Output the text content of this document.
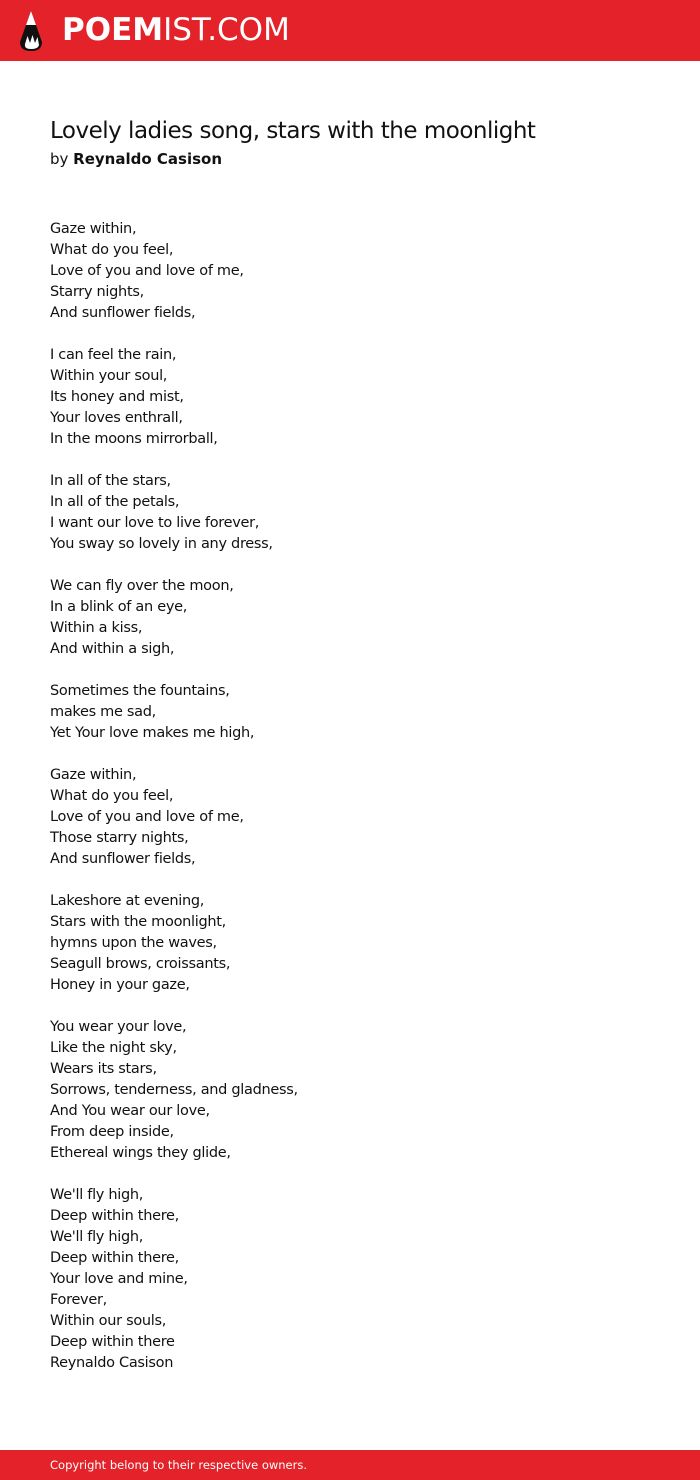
POEMIST.COM
Lovely ladies song, stars with the moonlight
by Reynaldo Casison
Gaze within,
What do you feel,
Love of you and love of me,
Starry nights,
And sunflower fields,
I can feel the rain,
Within your soul,
Its honey and mist,
Your loves enthrall,
In the moons mirrorball,
In all of the stars,
In all of the petals,
I want our love to live forever,
You sway so lovely in any dress,
We can fly over the moon,
In a blink of an eye,
Within a kiss,
And within a sigh,
Sometimes the fountains,
makes me sad,
Yet Your love makes me high,
Gaze within,
What do you feel,
Love of you and love of me,
Those starry nights,
And sunflower fields,
Lakeshore at evening,
Stars with the moonlight,
hymns upon the waves,
Seagull brows, croissants,
Honey in your gaze,
You wear your love,
Like the night sky,
Wears its stars,
Sorrows, tenderness, and gladness,
And You wear our love,
From deep inside,
Ethereal wings they glide,
We'll fly high,
Deep within there,
We'll fly high,
Deep within there,
Your love and mine,
Forever,
Within our souls,
Deep within there
Reynaldo Casison
Copyright belong to their respective owners.
